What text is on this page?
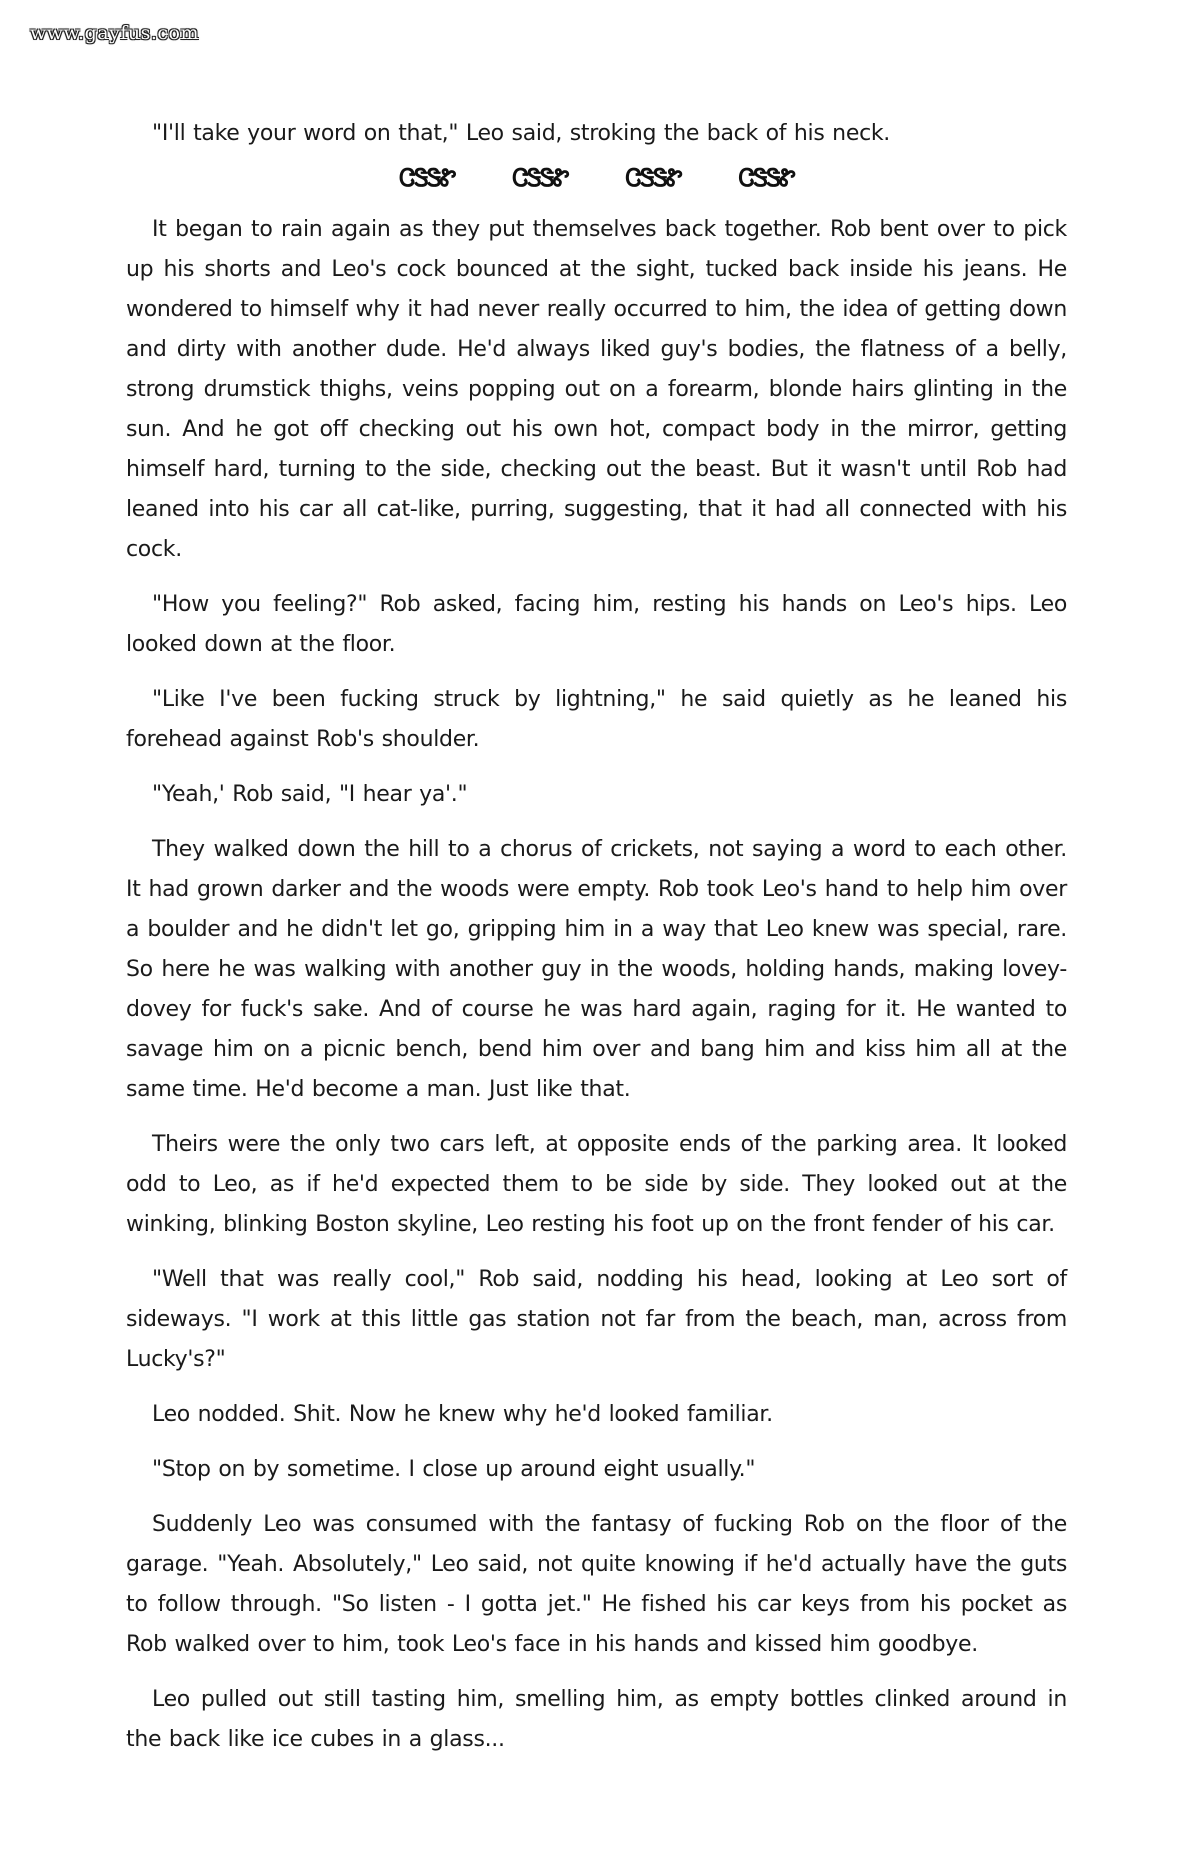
www.gayfus.com

"I'll take your word on that," Leo said, stroking the back of his neck.

ᏣᏕᏕᏑ ᏣᏕᏕᏑ ᏣᏕᏕᏑ ᏣᏕᏕᏑ

It began to rain again as they put themselves back together. Rob bent over to pick up his shorts and Leo's cock bounced at the sight, tucked back inside his jeans. He wondered to himself why it had never really occurred to him, the idea of getting down and dirty with another dude. He'd always liked guy's bodies, the flatness of a belly, strong drumstick thighs, veins popping out on a forearm, blonde hairs glinting in the sun. And he got off checking out his own hot, compact body in the mirror, getting himself hard, turning to the side, checking out the beast. But it wasn't until Rob had leaned into his car all cat-like, purring, suggesting, that it had all connected with his cock.

"How you feeling?" Rob asked, facing him, resting his hands on Leo's hips. Leo looked down at the floor.

"Like I've been fucking struck by lightning," he said quietly as he leaned his forehead against Rob's shoulder.

"Yeah,' Rob said, "I hear ya'."

They walked down the hill to a chorus of crickets, not saying a word to each other. It had grown darker and the woods were empty. Rob took Leo's hand to help him over a boulder and he didn't let go, gripping him in a way that Leo knew was special, rare. So here he was walking with another guy in the woods, holding hands, making lovey-dovey for fuck's sake. And of course he was hard again, raging for it. He wanted to savage him on a picnic bench, bend him over and bang him and kiss him all at the same time. He'd become a man. Just like that.

Theirs were the only two cars left, at opposite ends of the parking area. It looked odd to Leo, as if he'd expected them to be side by side. They looked out at the winking, blinking Boston skyline, Leo resting his foot up on the front fender of his car.

"Well that was really cool," Rob said, nodding his head, looking at Leo sort of sideways. "I work at this little gas station not far from the beach, man, across from Lucky's?"

Leo nodded. Shit. Now he knew why he'd looked familiar.

"Stop on by sometime. I close up around eight usually."

Suddenly Leo was consumed with the fantasy of fucking Rob on the floor of the garage. "Yeah. Absolutely," Leo said, not quite knowing if he'd actually have the guts to follow through. "So listen - I gotta jet." He fished his car keys from his pocket as Rob walked over to him, took Leo's face in his hands and kissed him goodbye.

Leo pulled out still tasting him, smelling him, as empty bottles clinked around in the back like ice cubes in a glass...
